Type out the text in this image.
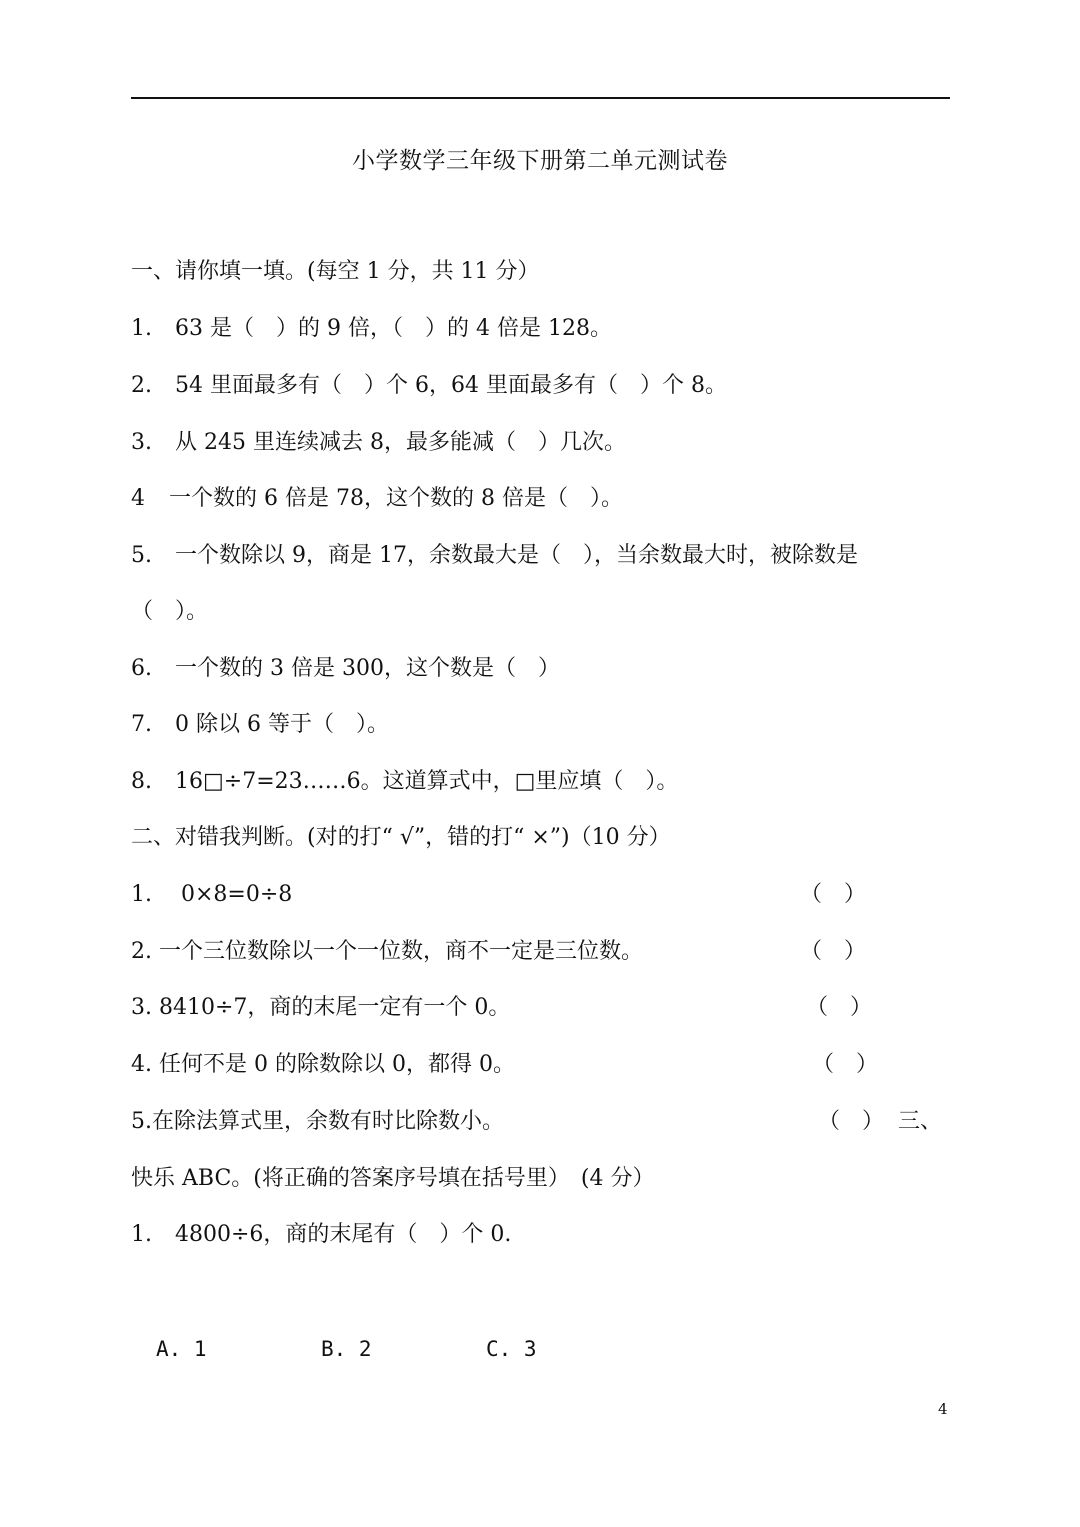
小学数学三年级下册第二单元测试卷
一、请你填一填。(每空 1 分，共 11 分）
1. 63 是（　）的 9 倍，（　）的 4 倍是 128。
2. 54 里面最多有（　）个 6，64 里面最多有（　）个 8。
3. 从 245 里连续减去 8，最多能减（　）几次。
4 一个数的 6 倍是 78，这个数的 8 倍是（　）。
5. 一个数除以 9，商是 17，余数最大是（　），当余数最大时，被除数是
（　）。
6. 一个数的 3 倍是 300，这个数是（　）
7. 0 除以 6 等于（　）。
8. 16□÷7=23……6。这道算式中，□里应填（　）。
二、对错我判断。(对的打“ √”，错的打“ ×”)（10 分）
1.　 0×8=0÷8	（　）
2. 一个三位数除以一个一位数，商不一定是三位数。	（　）
3. 8410÷7，商的末尾一定有一个 0。	（　）
4. 任何不是 0 的除数除以 0，都得 0。	（　）
5.在除法算式里，余数有时比除数小。	（　） 三、
快乐 ABC。(将正确的答案序号填在括号里）　(4 分）
1. 4800÷6，商的末尾有（　）个 0.
A. 1	B. 2	C. 3
4
